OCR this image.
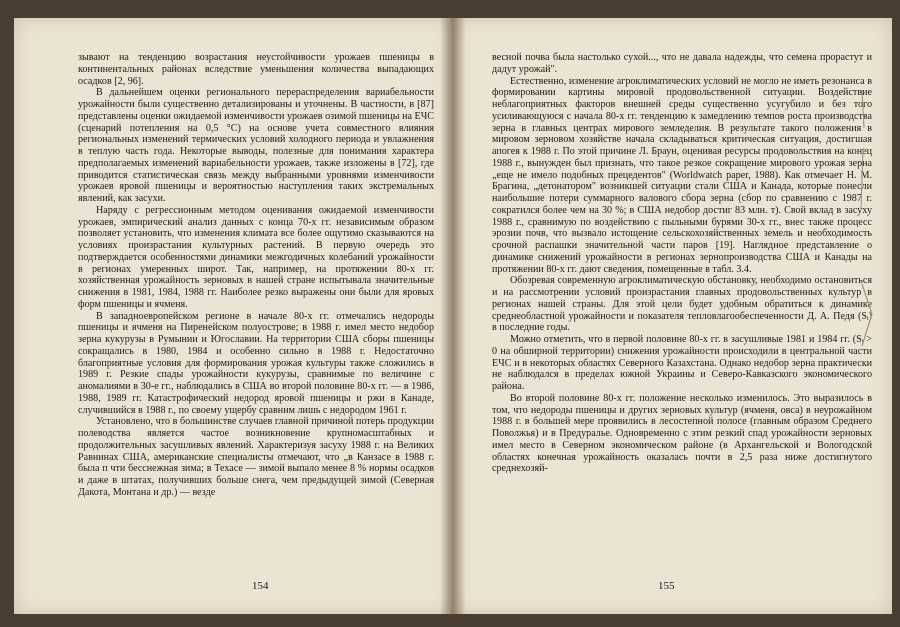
зывают на тенденцию возрастания неустойчивости урожаев пшеницы в континентальных районах вследствие уменьшения количества выпадающих осадков [2, 96].

В дальнейшем оценки регионального перераспределения вариабельности урожайности были существенно детализированы и уточнены. В частности, в [87] представлены оценки ожидаемой изменчивости урожаев озимой пшеницы на ЕЧС (сценарий потепления на 0,5 °С) на основе учета совместного влияния региональных изменений термических условий холодного периода и увлажнения в теплую часть года. Некоторые выводы, полезные для понимания характера предполагаемых изменений вариабельности урожаев, также изложены в [72], где приводится статистическая связь между выбранными уровнями изменчивости урожаев яровой пшеницы и вероятностью наступления таких экстремальных явлений, как засухи.

Наряду с регрессионным методом оценивания ожидаемой изменчивости урожаев, эмпирический анализ данных с конца 70-х гг. независимым образом позволяет установить, что изменения климата все более ощутимо сказываются на условиях произрастания культурных растений. В первую очередь это подтверждается особенностями динамики межгодичных колебаний урожайности в регионах умеренных широт. Так, например, на протяжении 80-х гг. хозяйственная урожайность зерновых в нашей стране испытывала значительные снижения в 1981, 1984, 1988 гг. Наиболее резко выражены они были для яровых форм пшеницы и ячменя.

В западноевропейском регионе в начале 80-х гг. отмечались недороды пшеницы и ячменя на Пиренейском полуострове; в 1988 г. имел место недобор зерна кукурузы в Румынии и Югославии. На территории США сборы пшеницы сокращались в 1980, 1984 и особенно сильно в 1988 г. Недостаточно благоприятные условия для формирования урожая культуры также сложились в 1989 г. Резкие спады урожайности кукурузы, сравнимые по величине с аномалиями в 30-е гг., наблюдались в США во второй половине 80-х гг. — в 1986, 1988, 1989 гг. Катастрофический недород яровой пшеницы и ржи в Канаде, случившийся в 1988 г., по своему ущербу сравним лишь с недородом 1961 г.

Установлено, что в большинстве случаев главной причиной потерь продукции полеводства является частое возникновение крупномасштабных и продолжительных засушливых явлений. Характеризуя засуху 1988 г. на Великих Равнинах США, американские специалисты отмечают, что „в Канзасе в 1988 г. была п чти бесснежная зима; в Техасе — зимой выпало менее 8 % нормы осадков и даже в штатах, получивших больше снега, чем предыдущей зимой (Северная Дакота, Монтана и др.) — везде

154

весной почва была настолько сухой..., что не давала надежды, что семена прорастут и дадут урожай".

Естественно, изменение агроклиматических условий не могло не иметь резонанса в формировании картины мировой продовольственной ситуации. Воздействие неблагоприятных факторов внешней среды существенно усугубило и без того усиливающуюся с начала 80-х гг. тенденцию к замедлению темпов роста производства зерна в главных центрах мирового земледелия. В результате такого положения в мировом зерновом хозяйстве начала складываться критическая ситуация, достигшая апогея к 1988 г. По этой причине Л. Браун, оценивая ресурсы продовольствия на конец 1988 г., вынужден был признать, что такое резкое сокращение мирового урожая зерна „еще не имело подобных прецедентов" (Worldwatch paper, 1988). Как отмечает Н. М. Брагина, „детонатором" возникшей ситуации стали США и Канада, которые понесли наибольшие потери суммарного валового сбора зерна (сбор по сравнению с 1987 г. сократился более чем на 30 %; в США недобор достиг 83 млн. т). Свой вклад в засуху 1988 г., сравнимую по воздействию с пыльными бурями 30-х гг., внес также процесс эрозии почв, что вызвало истощение сельскохозяйственных земель и необходимость срочной распашки значительной части паров [19]. Наглядное представление о динамике снижений урожайности в регионах зернопроизводства США и Канады на протяжении 80-х гг. дают сведения, помещенные в табл. 3.4.

Обозревая современную агроклиматическую обстановку, необходимо остановиться и на рассмотрении условий произрастания главных продовольственных культур в регионах нашей страны. Для этой цели будет удобным обратиться к динамике среднеобластной урожайности и показателя тепловлагообеспеченности Д. А. Педя (Sᵢ) в последние годы.

Можно отметить, что в первой половине 80-х гг. в засушливые 1981 и 1984 гг. (Sᵢ > 0 на обширной территории) снижения урожайности происходили в центральной части ЕЧС и в некоторых областях Северного Казахстана. Однако недобор зерна практически не наблюдался в пределах южной Украины и Северо-Кавказского экономического района.

Во второй половине 80-х гг. положение несколько изменилось. Это выразилось в том, что недороды пшеницы и других зерновых культур (ячменя, овса) в неурожайном 1988 г. в большей мере проявились в лесостепной полосе (главным образом Среднего Поволжья) и в Предуралье. Одновременно с этим резкий спад урожайности зерновых имел место в Северном экономическом районе (в Архангельской и Вологодской областях конечная урожайность оказалась почти в 2,5 раза ниже достигнутого среднехозяй-

155
